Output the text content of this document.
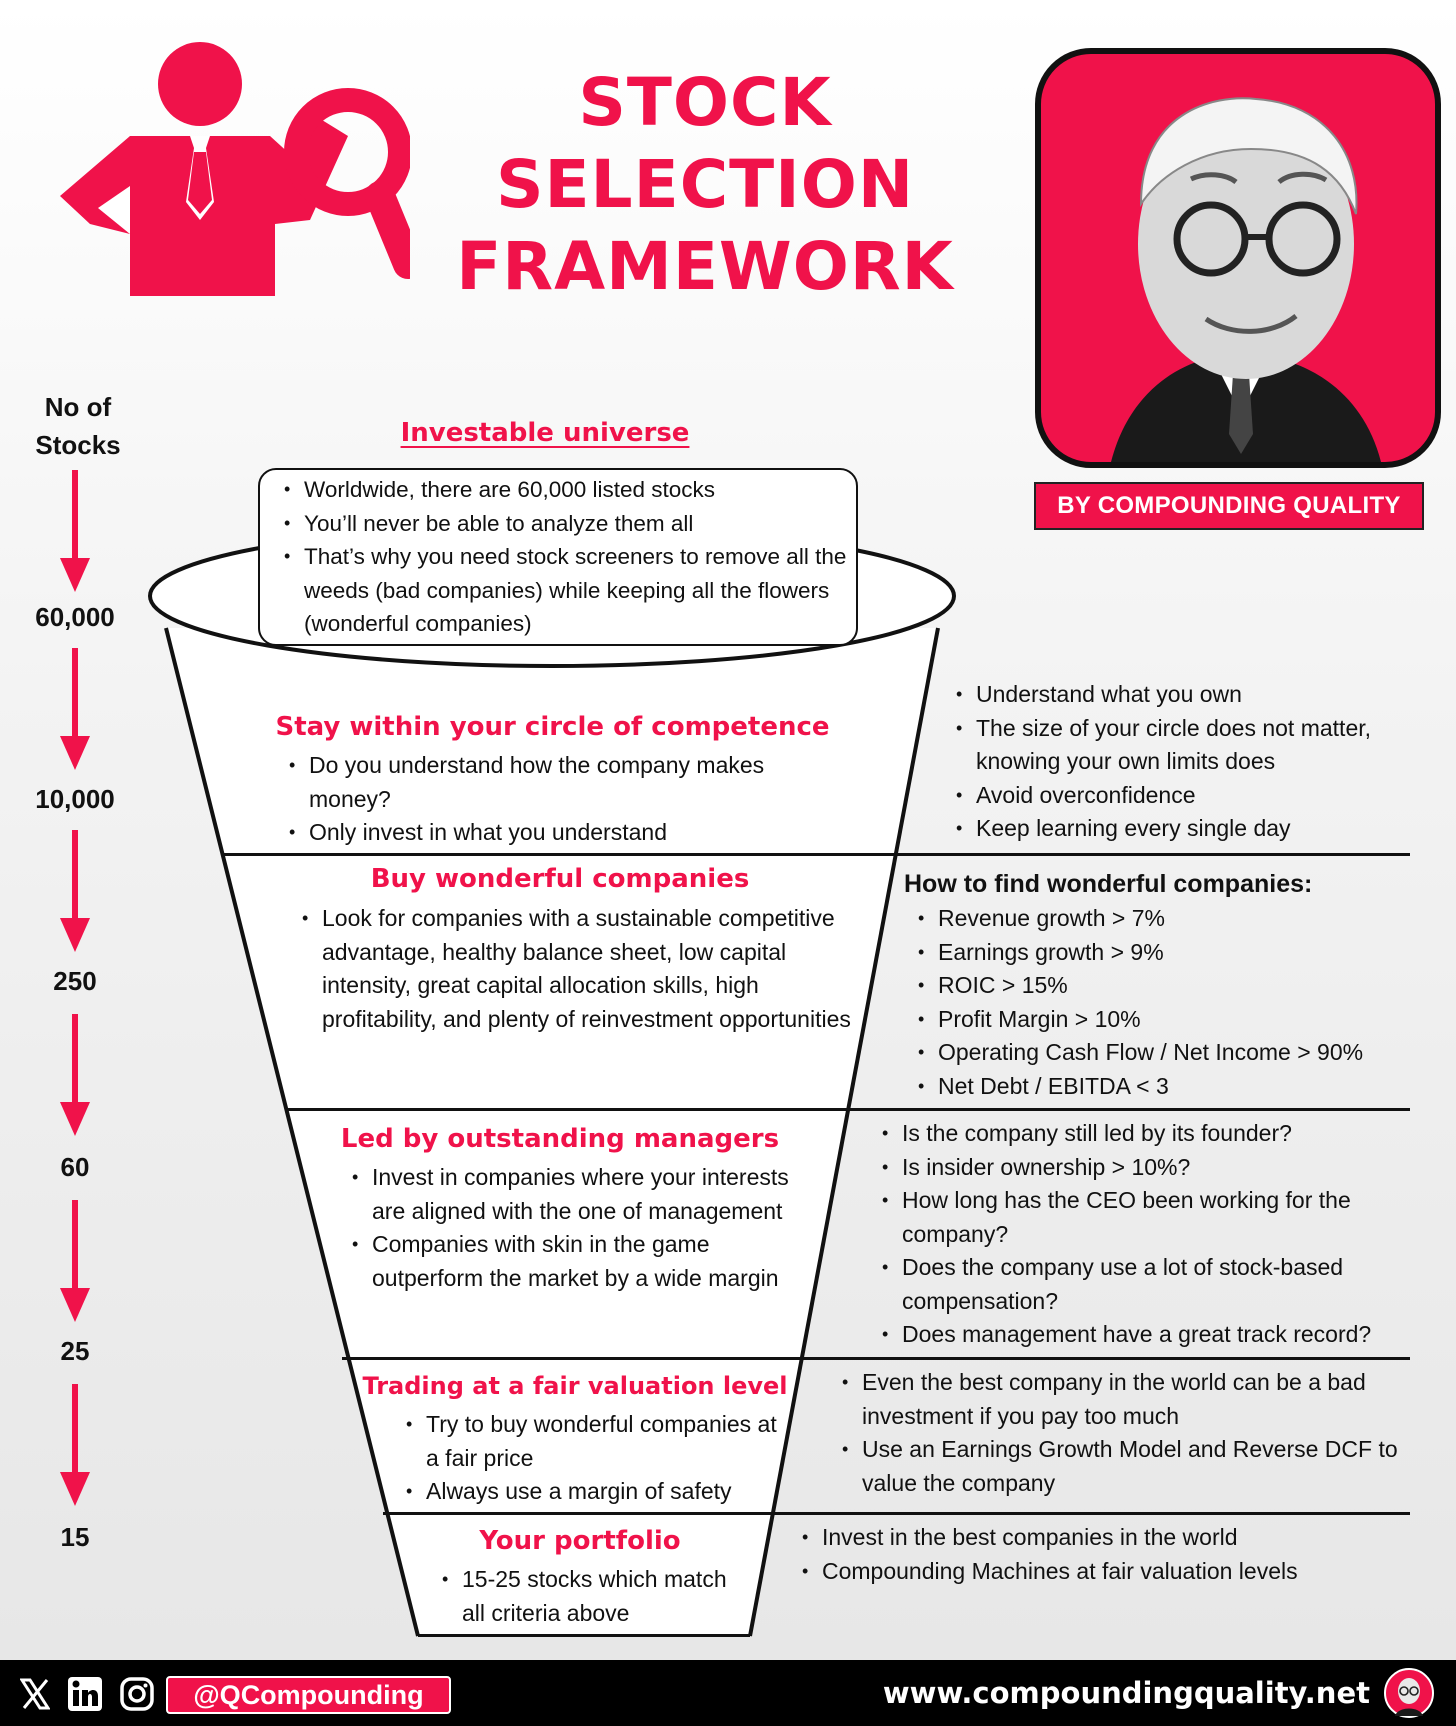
STOCK
SELECTION
FRAMEWORK
BY COMPOUNDING QUALITY
No of
Stocks
60,000
10,000
250
60
25
15
Investable universe
• Worldwide, there are 60,000 listed stocks
• You’ll never be able to analyze them all
• That’s why you need stock screeners to remove all the weeds (bad companies) while keeping all the flowers (wonderful companies)
Stay within your circle of competence
• Do you understand how the company makes money?
• Only invest in what you understand
• Understand what you own
• The size of your circle does not matter, knowing your own limits does
• Avoid overconfidence
• Keep learning every single day
Buy wonderful companies
• Look for companies with a sustainable competitive advantage, healthy balance sheet, low capital intensity, great capital allocation skills, high profitability, and plenty of reinvestment opportunities
How to find wonderful companies:
• Revenue growth > 7%
• Earnings growth > 9%
• ROIC > 15%
• Profit Margin > 10%
• Operating Cash Flow / Net Income > 90%
• Net Debt / EBITDA < 3
Led by outstanding managers
• Invest in companies where your interests are aligned with the one of management
• Companies with skin in the game outperform the market by a wide margin
• Is the company still led by its founder?
• Is insider ownership > 10%?
• How long has the CEO been working for the company?
• Does the company use a lot of stock-based compensation?
• Does management have a great track record?
Trading at a fair valuation level
• Try to buy wonderful companies at a fair price
• Always use a margin of safety
• Even the best company in the world can be a bad investment if you pay too much
• Use an Earnings Growth Model and Reverse DCF to value the company
Your portfolio
• 15-25 stocks which match all criteria above
• Invest in the best companies in the world
• Compounding Machines at fair valuation levels
@QCompounding	www.compoundingquality.net
